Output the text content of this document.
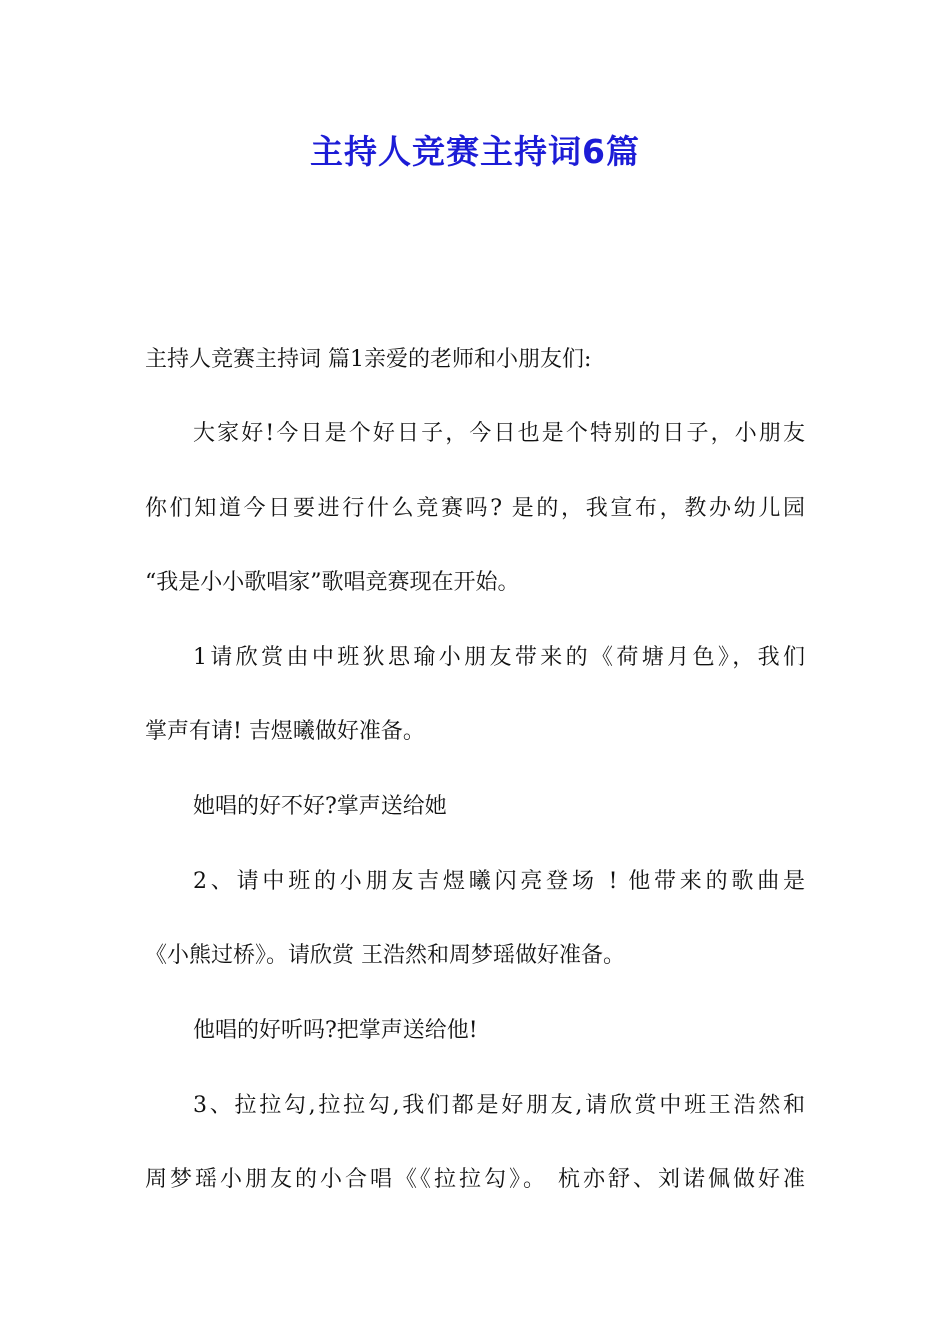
主持人竞赛主持词6篇
主持人竞赛主持词 篇1亲爱的老师和小朋友们:
大家好!今日是个好日子，今日也是个特别的日子，小朋友
你们知道今日要进行什么竞赛吗? 是的，我宣布，教办幼儿园
“我是小小歌唱家”歌唱竞赛现在开始。
1请欣赏由中班狄思瑜小朋友带来的《荷塘月色》，我们
掌声有请! 吉煜曦做好准备。
她唱的好不好?掌声送给她
2、请中班的小朋友吉煜曦闪亮登场 ! 他带来的歌曲是
《小熊过桥》。请欣赏 王浩然和周梦瑶做好准备。
他唱的好听吗?把掌声送给他!
3、拉拉勾,拉拉勾,我们都是好朋友,请欣赏中班王浩然和
周梦瑶小朋友的小合唱《《拉拉勾》。 杭亦舒、刘诺佩做好准
